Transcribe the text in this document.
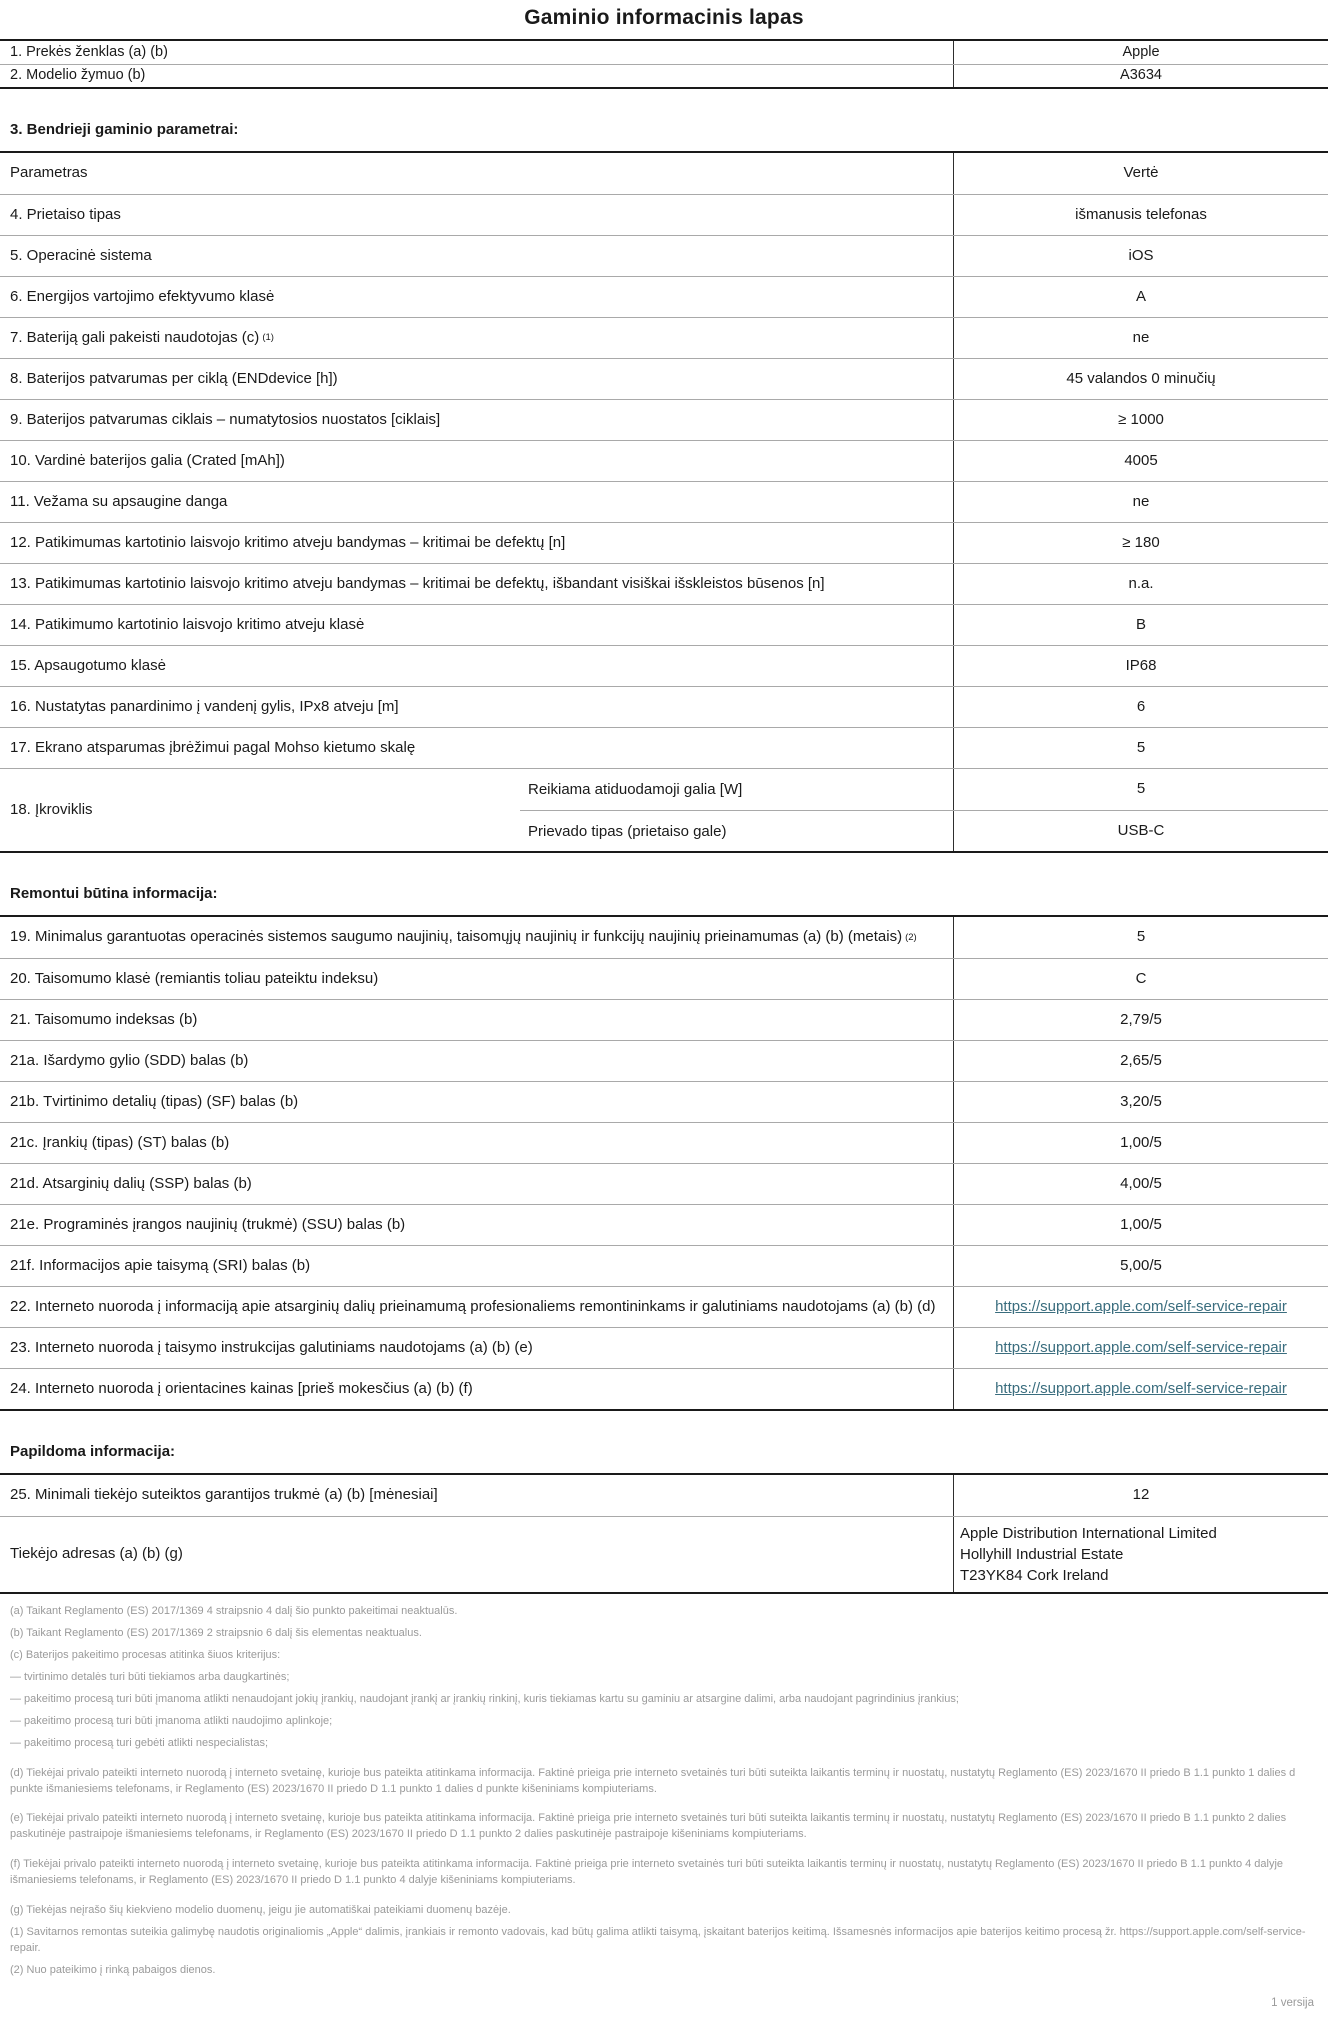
Gaminio informacinis lapas
1. Prekės ženklas (a) (b)	Apple
2. Modelio žymuo (b)	A3634
3. Bendrieji gaminio parametrai:
Parametras	Vertė
4. Prietaiso tipas	išmanusis telefonas
5. Operacinė sistema	iOS
6. Energijos vartojimo efektyvumo klasė	A
7. Bateriją gali pakeisti naudotojas (c) (1)	ne
8. Baterijos patvarumas per ciklą (ENDdevice [h])	45 valandos 0 minučių
9. Baterijos patvarumas ciklais – numatytosios nuostatos [ciklais]	≥ 1000
10. Vardinė baterijos galia (Crated [mAh])	4005
11. Vežama su apsaugine danga	ne
12. Patikimumas kartotinio laisvojo kritimo atveju bandymas – kritimai be defektų [n]	≥ 180
13. Patikimumas kartotinio laisvojo kritimo atveju bandymas – kritimai be defektų, išbandant visiškai išskleistos būsenos [n]	n.a.
14. Patikimumo kartotinio laisvojo kritimo atveju klasė	B
15. Apsaugotumo klasė	IP68
16. Nustatytas panardinimo į vandenį gylis, IPx8 atveju [m]	6
17. Ekrano atsparumas įbrėžimui pagal Mohso kietumo skalę	5
18. Įkroviklis
Reikiama atiduodamoji galia [W]	5
Prievado tipas (prietaiso gale)	USB-C
Remontui būtina informacija:
19. Minimalus garantuotas operacinės sistemos saugumo naujinių, taisomųjų naujinių ir funkcijų naujinių prieinamumas (a) (b) (metais) (2)	5
20. Taisomumo klasė (remiantis toliau pateiktu indeksu)	C
21. Taisomumo indeksas (b)	2,79/5
21a. Išardymo gylio (SDD) balas (b)	2,65/5
21b. Tvirtinimo detalių (tipas) (SF) balas (b)	3,20/5
21c. Įrankių (tipas) (ST) balas (b)	1,00/5
21d. Atsarginių dalių (SSP) balas (b)	4,00/5
21e. Programinės įrangos naujinių (trukmė) (SSU) balas (b)	1,00/5
21f. Informacijos apie taisymą (SRI) balas (b)	5,00/5
22. Interneto nuoroda į informaciją apie atsarginių dalių prieinamumą profesionaliems remontininkams ir galutiniams naudotojams (a) (b) (d)	https://support.apple.com/self-service-repair
23. Interneto nuoroda į taisymo instrukcijas galutiniams naudotojams (a) (b) (e)	https://support.apple.com/self-service-repair
24. Interneto nuoroda į orientacines kainas [prieš mokesčius (a) (b) (f)	https://support.apple.com/self-service-repair
Papildoma informacija:
25. Minimali tiekėjo suteiktos garantijos trukmė (a) (b) [mėnesiai]	12
Tiekėjo adresas (a) (b) (g)
Apple Distribution International Limited
Hollyhill Industrial Estate
T23YK84 Cork Ireland

(a) Taikant Reglamento (ES) 2017/1369 4 straipsnio 4 dalį šio punkto pakeitimai neaktualūs.

(b) Taikant Reglamento (ES) 2017/1369 2 straipsnio 6 dalį šis elementas neaktualus.

(c) Baterijos pakeitimo procesas atitinka šiuos kriterijus:

— tvirtinimo detalės turi būti tiekiamos arba daugkartinės;

— pakeitimo procesą turi būti įmanoma atlikti nenaudojant jokių įrankių, naudojant įrankį ar įrankių rinkinį, kuris tiekiamas kartu su gaminiu ar atsargine dalimi, arba naudojant pagrindinius įrankius;

— pakeitimo procesą turi būti įmanoma atlikti naudojimo aplinkoje;

— pakeitimo procesą turi gebėti atlikti nespecialistas;

(d) Tiekėjai privalo pateikti interneto nuorodą į interneto svetainę, kurioje bus pateikta atitinkama informacija. Faktinė prieiga prie interneto svetainės turi būti suteikta laikantis terminų ir nuostatų, nustatytų Reglamento (ES) 2023/1670 II priedo B 1.1 punkto 1 dalies d punkte išmaniesiems telefonams, ir Reglamento (ES) 2023/1670 II priedo D 1.1 punkto 1 dalies d punkte kišeniniams kompiuteriams.

(e) Tiekėjai privalo pateikti interneto nuorodą į interneto svetainę, kurioje bus pateikta atitinkama informacija. Faktinė prieiga prie interneto svetainės turi būti suteikta laikantis terminų ir nuostatų, nustatytų Reglamento (ES) 2023/1670 II priedo B 1.1 punkto 2 dalies paskutinėje pastraipoje išmaniesiems telefonams, ir Reglamento (ES) 2023/1670 II priedo D 1.1 punkto 2 dalies paskutinėje pastraipoje kišeniniams kompiuteriams.

(f) Tiekėjai privalo pateikti interneto nuorodą į interneto svetainę, kurioje bus pateikta atitinkama informacija. Faktinė prieiga prie interneto svetainės turi būti suteikta laikantis terminų ir nuostatų, nustatytų Reglamento (ES) 2023/1670 II priedo B 1.1 punkto 4 dalyje išmaniesiems telefonams, ir Reglamento (ES) 2023/1670 II priedo D 1.1 punkto 4 dalyje kišeniniams kompiuteriams.

(g) Tiekėjas neįrašo šių kiekvieno modelio duomenų, jeigu jie automatiškai pateikiami duomenų bazėje.

(1) Savitarnos remontas suteikia galimybę naudotis originaliomis „Apple“ dalimis, įrankiais ir remonto vadovais, kad būtų galima atlikti taisymą, įskaitant baterijos keitimą. Išsamesnės informacijos apie baterijos keitimo procesą žr. https://support.apple.com/self-service-repair.

(2) Nuo pateikimo į rinką pabaigos dienos.

1 versija
